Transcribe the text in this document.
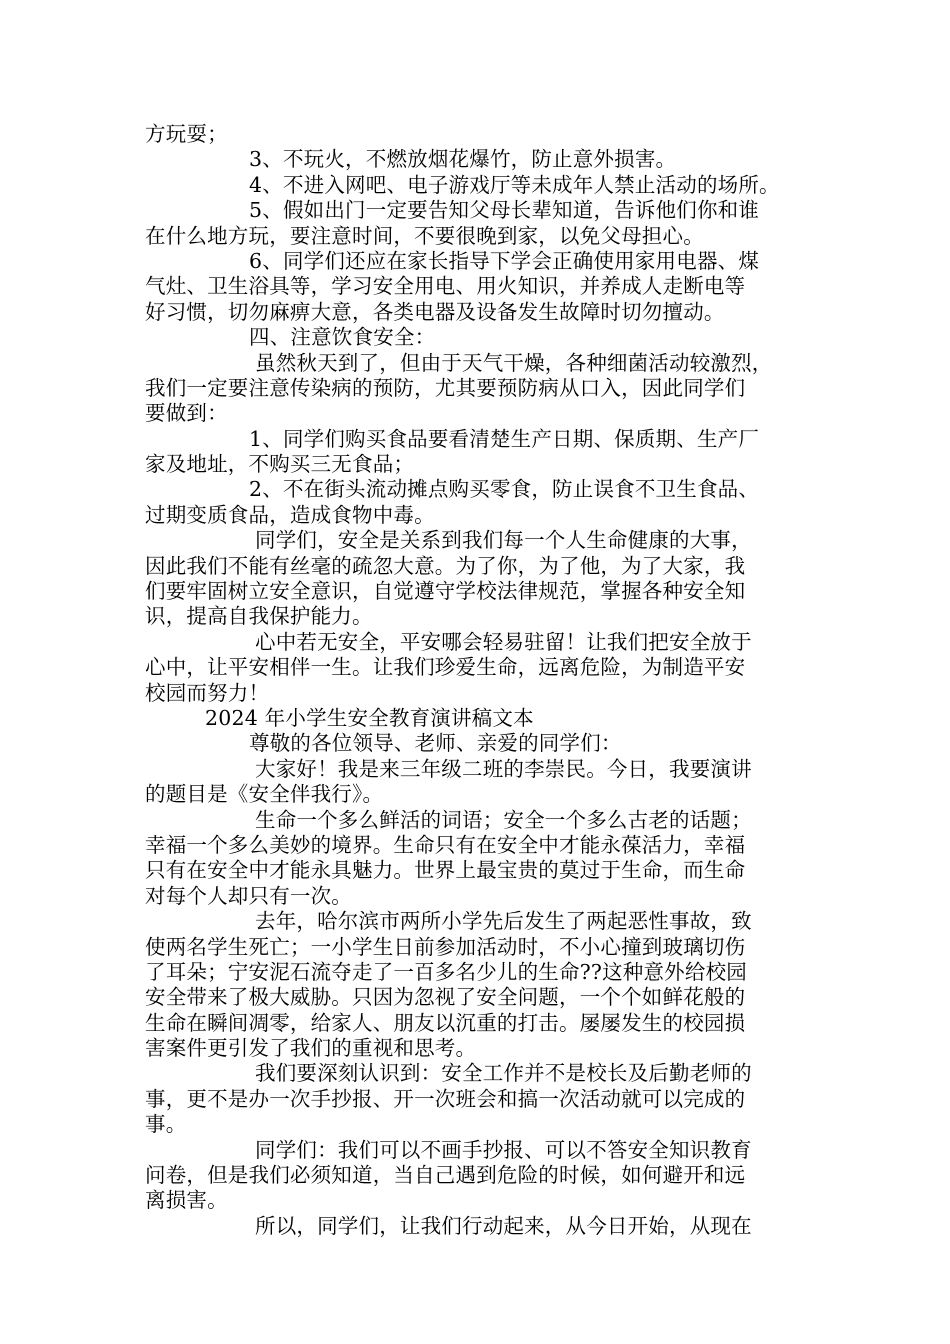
方玩耍；
3、不玩火，不燃放烟花爆竹，防止意外损害。
4、不进入网吧、电子游戏厅等未成年人禁止活动的场所。
5、假如出门一定要告知父母长辈知道，告诉他们你和谁
在什么地方玩，要注意时间，不要很晚到家，以免父母担心。
6、同学们还应在家长指导下学会正确使用家用电器、煤
气灶、卫生浴具等，学习安全用电、用火知识，并养成人走断电等
好习惯，切勿麻痹大意，各类电器及设备发生故障时切勿擅动。
四、注意饮食安全：
虽然秋天到了，但由于天气干燥，各种细菌活动较激烈，
我们一定要注意传染病的预防，尤其要预防病从口入，因此同学们
要做到：
1、同学们购买食品要看清楚生产日期、保质期、生产厂
家及地址，不购买三无食品；
2、不在街头流动摊点购买零食，防止误食不卫生食品、
过期变质食品，造成食物中毒。
同学们，安全是关系到我们每一个人生命健康的大事，
因此我们不能有丝毫的疏忽大意。为了你，为了他，为了大家，我
们要牢固树立安全意识，自觉遵守学校法律规范，掌握各种安全知
识，提高自我保护能力。
心中若无安全，平安哪会轻易驻留！让我们把安全放于
心中，让平安相伴一生。让我们珍爱生命，远离危险，为制造平安
校园而努力！
2024 年小学生安全教育演讲稿文本
尊敬的各位领导、老师、亲爱的同学们：
大家好！我是来三年级二班的李崇民。今日，我要演讲
的题目是《安全伴我行》。
生命一个多么鲜活的词语；安全一个多么古老的话题；
幸福一个多么美妙的境界。生命只有在安全中才能永葆活力，幸福
只有在安全中才能永具魅力。世界上最宝贵的莫过于生命，而生命
对每个人却只有一次。
去年，哈尔滨市两所小学先后发生了两起恶性事故，致
使两名学生死亡；一小学生日前参加活动时，不小心撞到玻璃切伤
了耳朵；宁安泥石流夺走了一百多名少儿的生命??这种意外给校园
安全带来了极大威胁。只因为忽视了安全问题，一个个如鲜花般的
生命在瞬间凋零，给家人、朋友以沉重的打击。屡屡发生的校园损
害案件更引发了我们的重视和思考。
我们要深刻认识到：安全工作并不是校长及后勤老师的
事，更不是办一次手抄报、开一次班会和搞一次活动就可以完成的
事。
同学们：我们可以不画手抄报、可以不答安全知识教育
问卷，但是我们必须知道，当自己遇到危险的时候，如何避开和远
离损害。
所以，同学们，让我们行动起来，从今日开始，从现在
